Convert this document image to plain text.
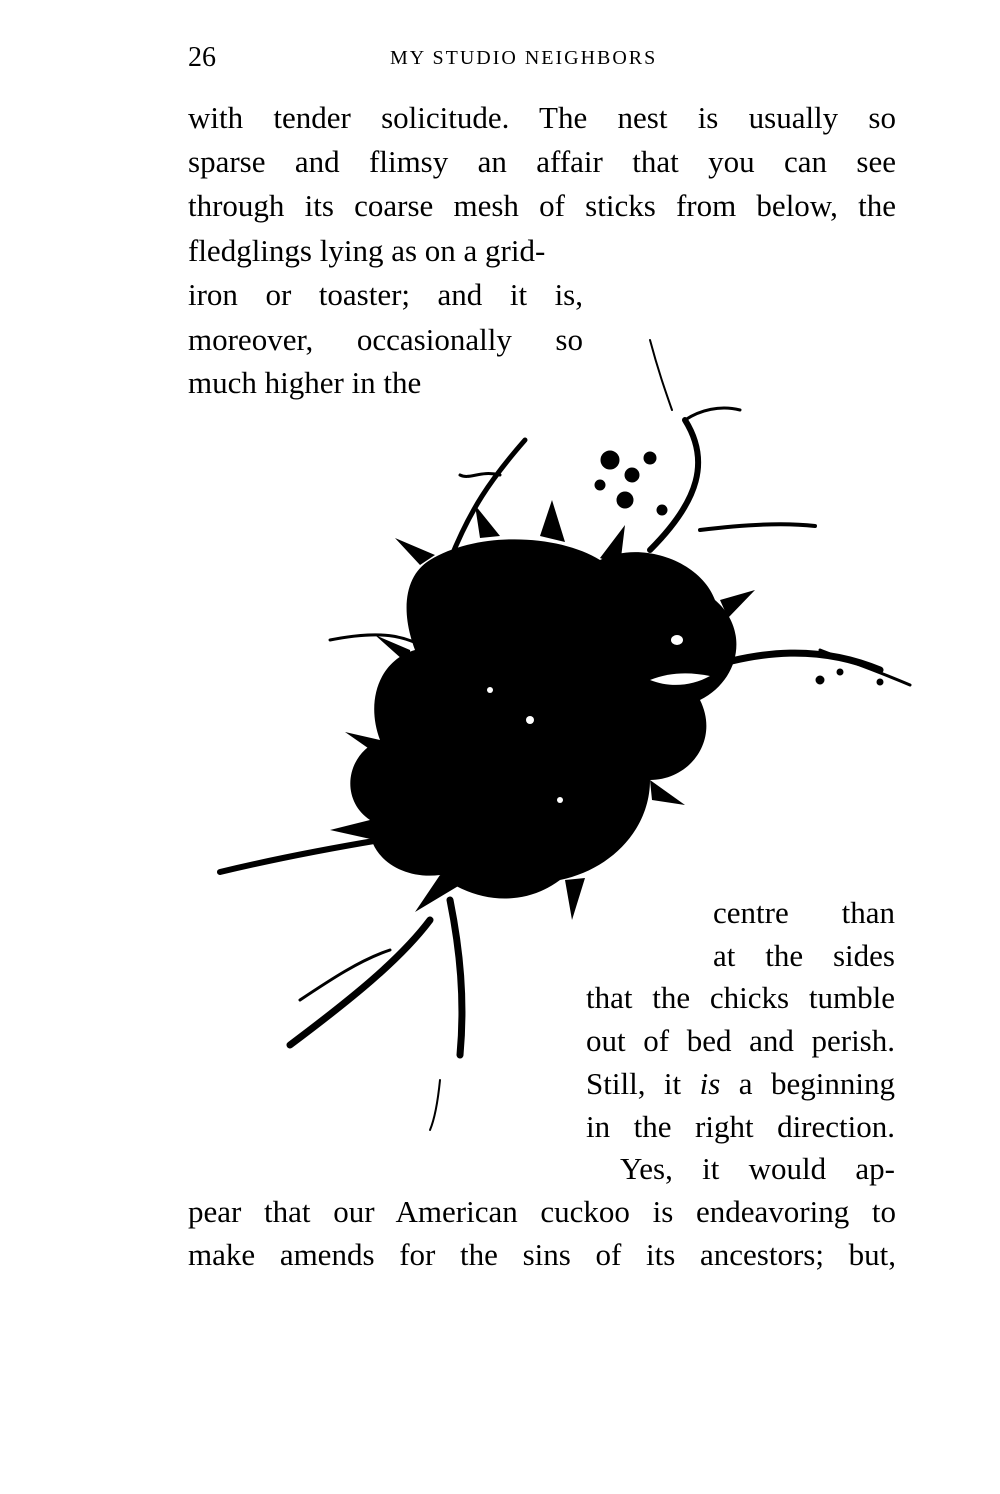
26	MY STUDIO NEIGHBORS
with tender solicitude. The nest is usually so
sparse and flimsy an affair that you can see
through its coarse mesh of sticks from below, the
fledglings lying as on a grid-
iron or toaster; and it is,
moreover, occasionally so
much higher in the
centre than
at the sides
that the chicks tumble
out of bed and perish.
Still, it is a beginning
in the right direction.
Yes, it would ap-
pear that our American cuckoo is endeavoring to
make amends for the sins of its ancestors; but,
